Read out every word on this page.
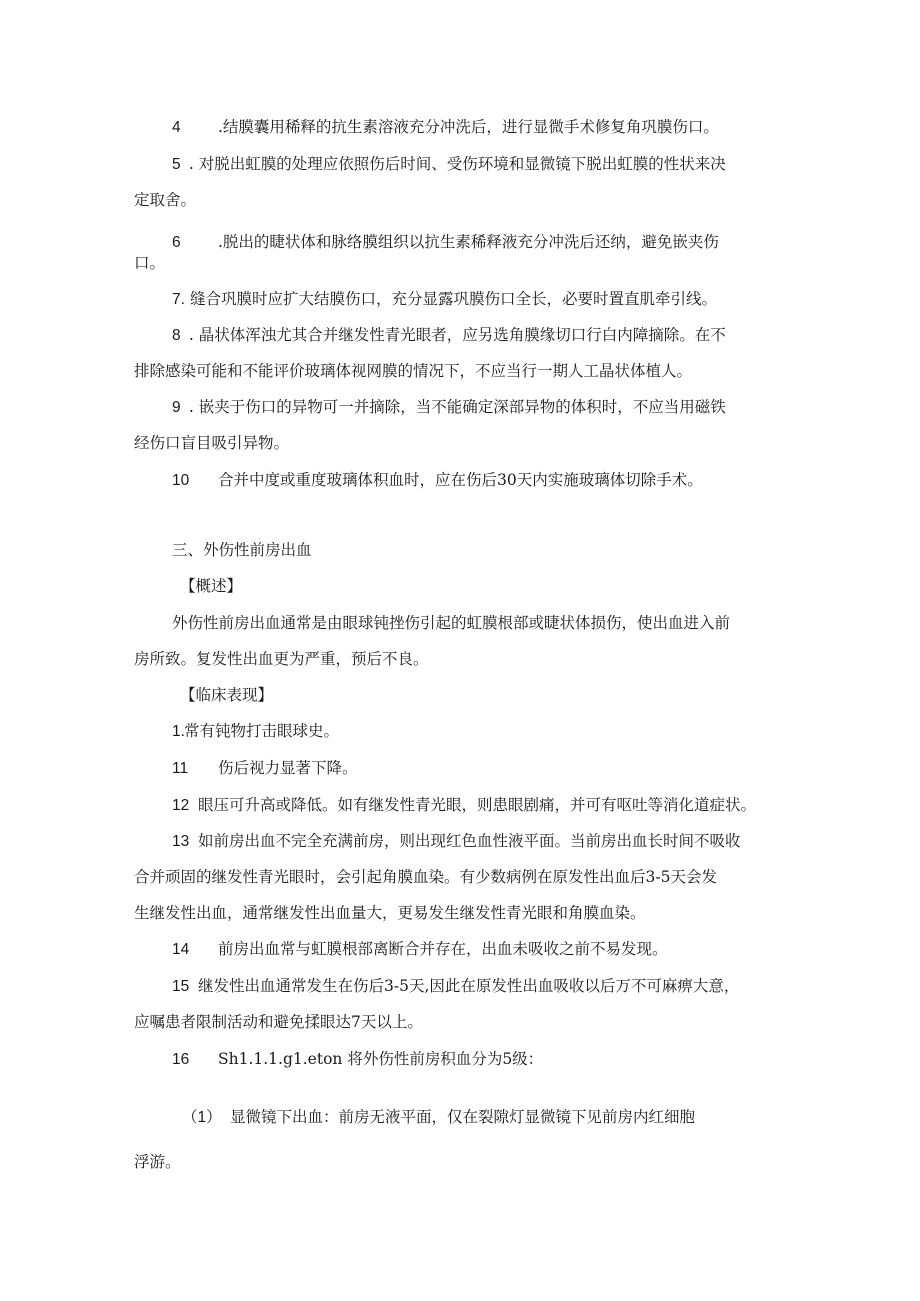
4 .结膜囊用稀释的抗生素溶液充分冲洗后，进行显微手术修复角巩膜伤口。
5 . 对脱出虹膜的处理应依照伤后时间、受伤环境和显微镜下脱出虹膜的性状来决
定取舍。
6 .脱出的睫状体和脉络膜组织以抗生素稀释液充分冲洗后还纳，避免嵌夹伤
口。
7. 缝合巩膜时应扩大结膜伤口，充分显露巩膜伤口全长，必要时置直肌牵引线。
8 . 晶状体浑浊尤其合并继发性青光眼者，应另选角膜缘切口行白内障摘除。在不
排除感染可能和不能评价玻璃体视网膜的情况下，不应当行一期人工晶状体植人。
9 . 嵌夹于伤口的异物可一并摘除，当不能确定深部异物的体积时，不应当用磁铁
经伤口盲目吸引异物。
10 合并中度或重度玻璃体积血时，应在伤后30天内实施玻璃体切除手术。
三、外伤性前房出血
【概述】
外伤性前房出血通常是由眼球钝挫伤引起的虹膜根部或睫状体损伤，使出血进入前
房所致。复发性出血更为严重，预后不良。
【临床表现】
1.常有钝物打击眼球史。
11 伤后视力显著下降。
12 眼压可升高或降低。如有继发性青光眼，则患眼剧痛，并可有呕吐等消化道症状。
13 如前房出血不完全充满前房，则出现红色血性液平面。当前房出血长时间不吸收
合并顽固的继发性青光眼时，会引起角膜血染。有少数病例在原发性出血后3-5天会发
生继发性出血，通常继发性出血量大，更易发生继发性青光眼和角膜血染。
14 前房出血常与虹膜根部离断合并存在，出血未吸收之前不易发现。
15 继发性出血通常发生在伤后3-5天,因此在原发性出血吸收以后万不可麻痹大意，
应嘱患者限制活动和避免揉眼达7天以上。
16 Sh1.1.1.g1.eton 将外伤性前房积血分为5级：
（1） 显微镜下出血：前房无液平面，仅在裂隙灯显微镜下见前房内红细胞
浮游。
